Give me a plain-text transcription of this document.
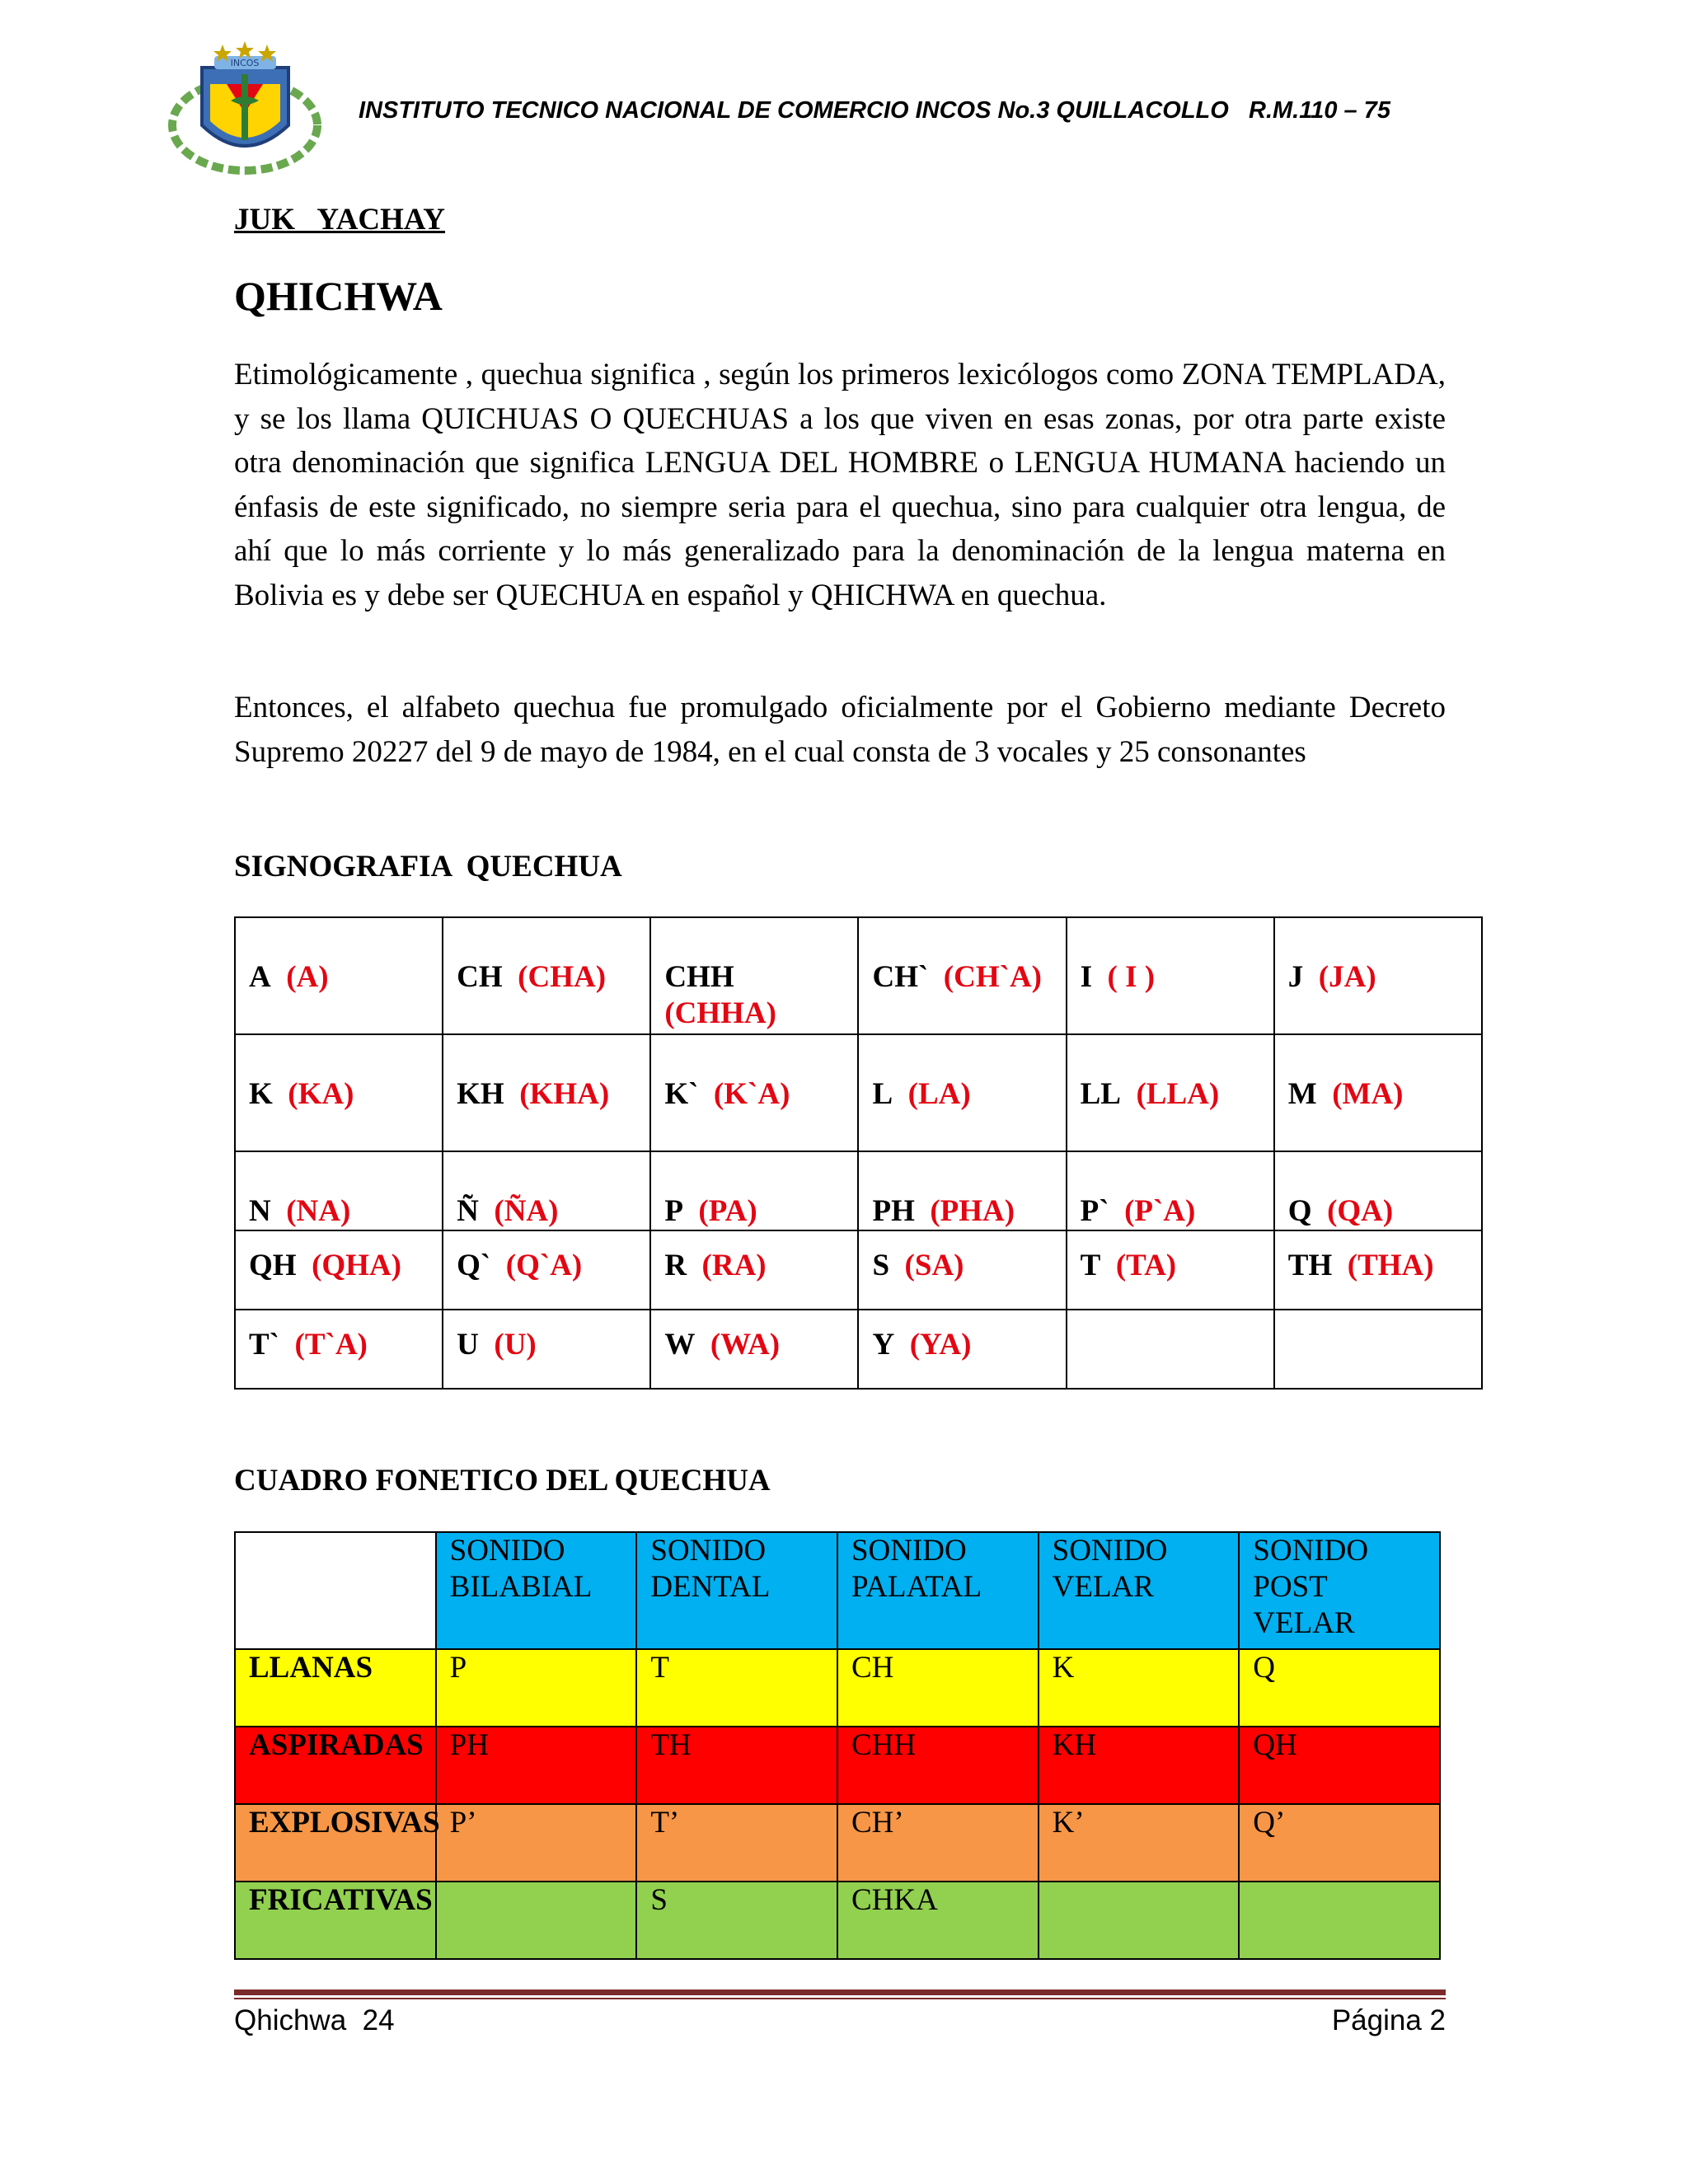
INCOS
INSTITUTO TECNICO NACIONAL DE COMERCIO INCOS No.3 QUILLACOLLO   R.M.110 – 75
JUK   YACHAY
QHICHWA

Etimológicamente , quechua significa , según los primeros lexicólogos como ZONA TEMPLADA, y se los llama QUICHUAS O QUECHUAS a los que viven en esas zonas, por otra parte existe otra denominación que significa LENGUA DEL HOMBRE o LENGUA HUMANA haciendo un énfasis de este significado, no siempre seria para el quechua, sino para cualquier otra lengua, de ahí que lo más corriente y lo más generalizado para la denominación de la lengua materna en Bolivia es y debe ser QUECHUA en español y QHICHWA en quechua.

Entonces, el alfabeto quechua fue promulgado oficialmente por el Gobierno mediante Decreto Supremo 20227 del 9 de mayo de 1984, en el cual consta de 3 vocales y 25 consonantes

SIGNOGRAFIA  QUECHUA
A (A)	CH (CHA)	CHH  (CHHA)	CH` (CH`A)	I ( I )	J (JA)
K (KA)	KH (KHA)	K` (K`A)	L (LA)	LL (LLA)	M (MA)
N (NA)	Ñ (ÑA)	P (PA)	PH (PHA)	P` (P`A)	Q (QA)
QH (QHA)	Q` (Q`A)	R (RA)	S (SA)	T (TA)	TH (THA)
T` (T`A)	U (U)	W (WA)	Y (YA)		
CUADRO FONETICO DEL QUECHUA
	SONIDO BILABIAL	SONIDO DENTAL	SONIDO PALATAL	SONIDO VELAR	SONIDO POST VELAR
LLANAS	P	T	CH	K	Q
ASPIRADAS	PH	TH	CHH	KH	QH
EXPLOSIVAS	P’	T’	CH’	K’	Q’
FRICATIVAS		S	CHKA		
Qhichwa  24	Página 2
